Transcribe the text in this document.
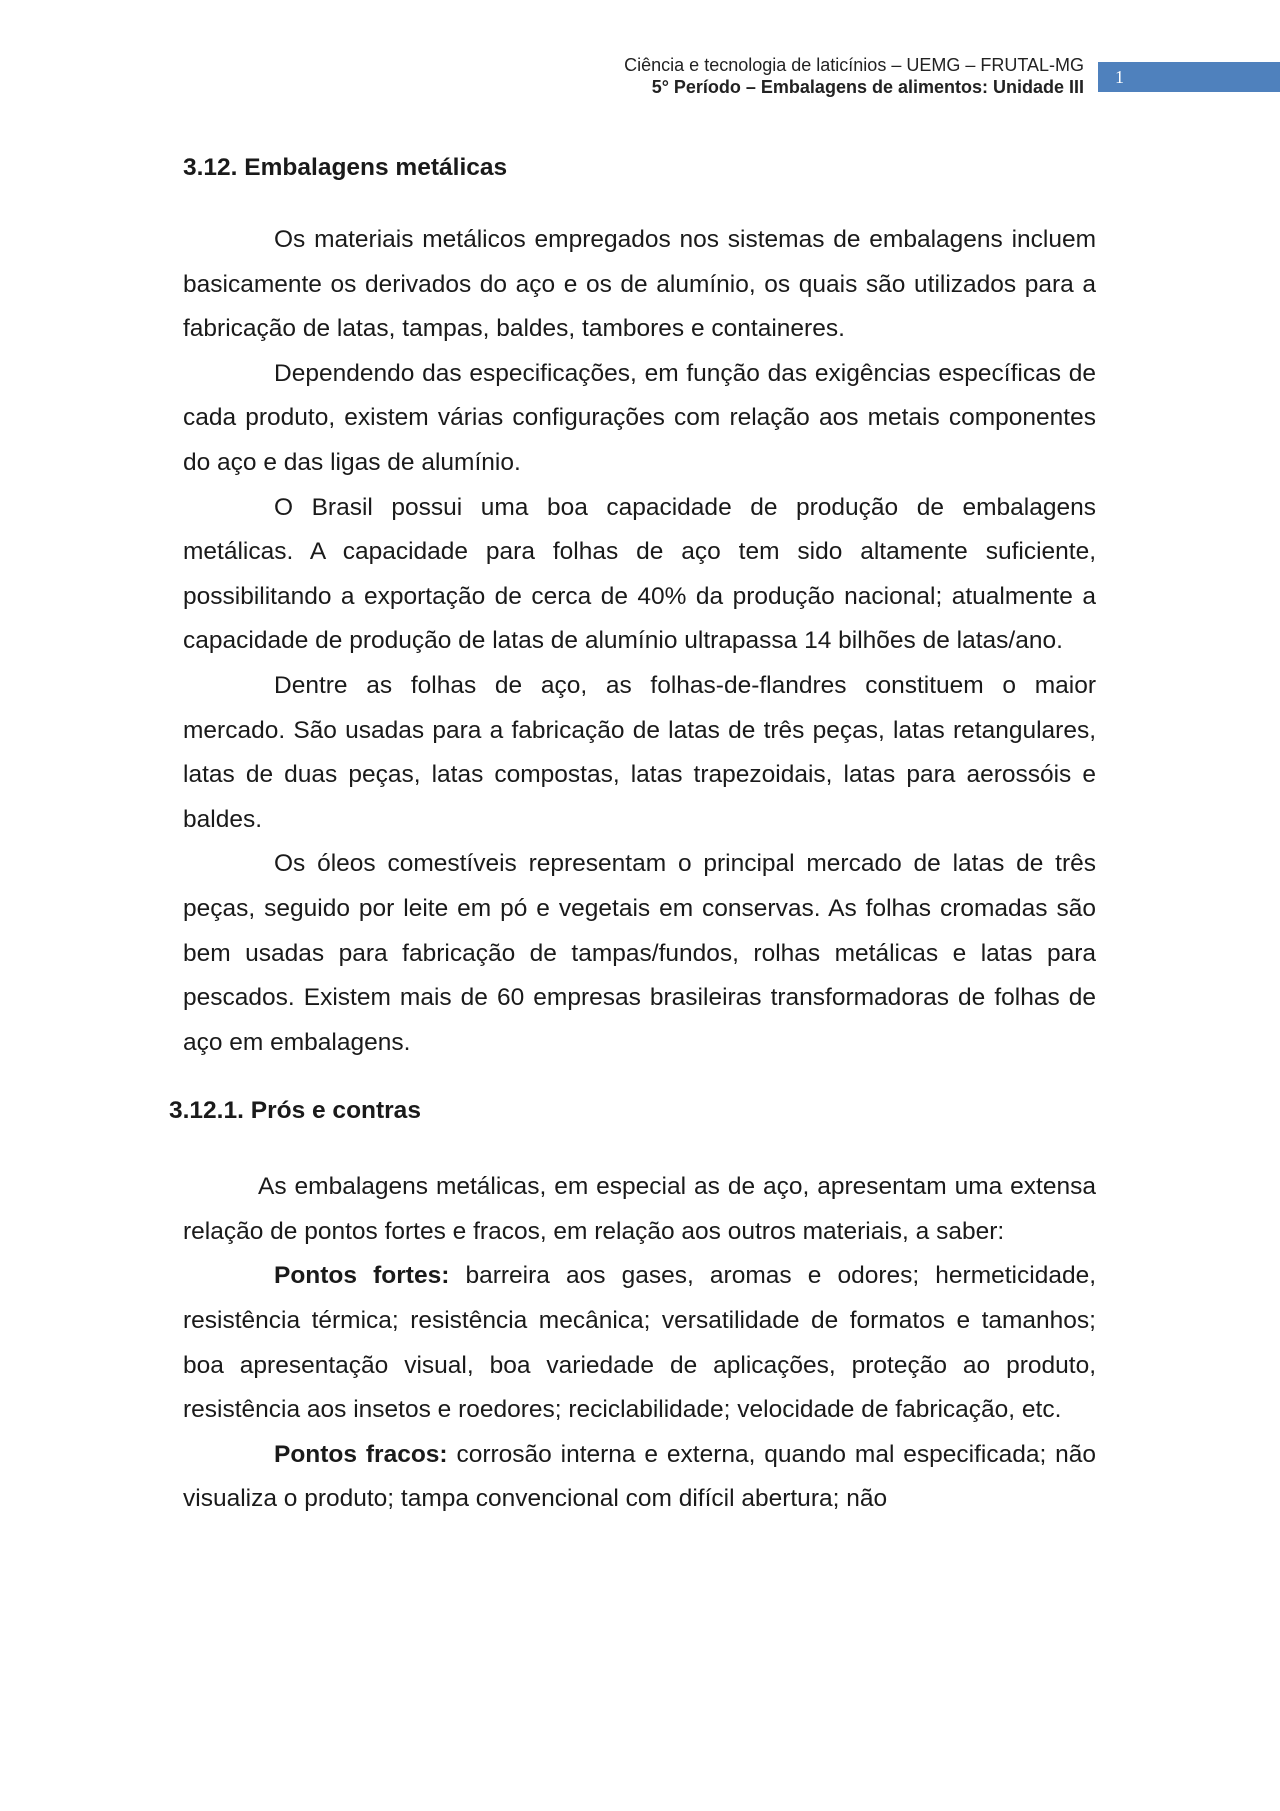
Ciência e tecnologia de laticínios – UEMG – FRUTAL-MG
5° Período – Embalagens de alimentos: Unidade III	1
3.12. Embalagens metálicas

Os materiais metálicos empregados nos sistemas de embalagens incluem basicamente os derivados do aço e os de alumínio, os quais são utilizados para a fabricação de latas, tampas, baldes, tambores e containeres.

Dependendo das especificações, em função das exigências específicas de cada produto, existem várias configurações com relação aos metais componentes do aço e das ligas de alumínio.

O Brasil possui uma boa capacidade de produção de embalagens metálicas. A capacidade para folhas de aço tem sido altamente suficiente, possibilitando a exportação de cerca de 40% da produção nacional; atualmente a capacidade de produção de latas de alumínio ultrapassa 14 bilhões de latas/ano.

Dentre as folhas de aço, as folhas-de-flandres constituem o maior mercado. São usadas para a fabricação de latas de três peças, latas retangulares, latas de duas peças, latas compostas, latas trapezoidais, latas para aerossóis e baldes.

Os óleos comestíveis representam o principal mercado de latas de três peças, seguido por leite em pó e vegetais em conservas. As folhas cromadas são bem usadas para fabricação de tampas/fundos, rolhas metálicas e latas para pescados. Existem mais de 60 empresas brasileiras transformadoras de folhas de aço em embalagens.

3.12.1. Prós e contras

As embalagens metálicas, em especial as de aço, apresentam uma extensa relação de pontos fortes e fracos, em relação aos outros materiais, a saber:

Pontos fortes: barreira aos gases, aromas e odores; hermeticidade, resistência térmica; resistência mecânica; versatilidade de formatos e tamanhos; boa apresentação visual, boa variedade de aplicações, proteção ao produto, resistência aos insetos e roedores; reciclabilidade; velocidade de fabricação, etc.

Pontos fracos: corrosão interna e externa, quando mal especificada; não visualiza o produto; tampa convencional com difícil abertura; não
